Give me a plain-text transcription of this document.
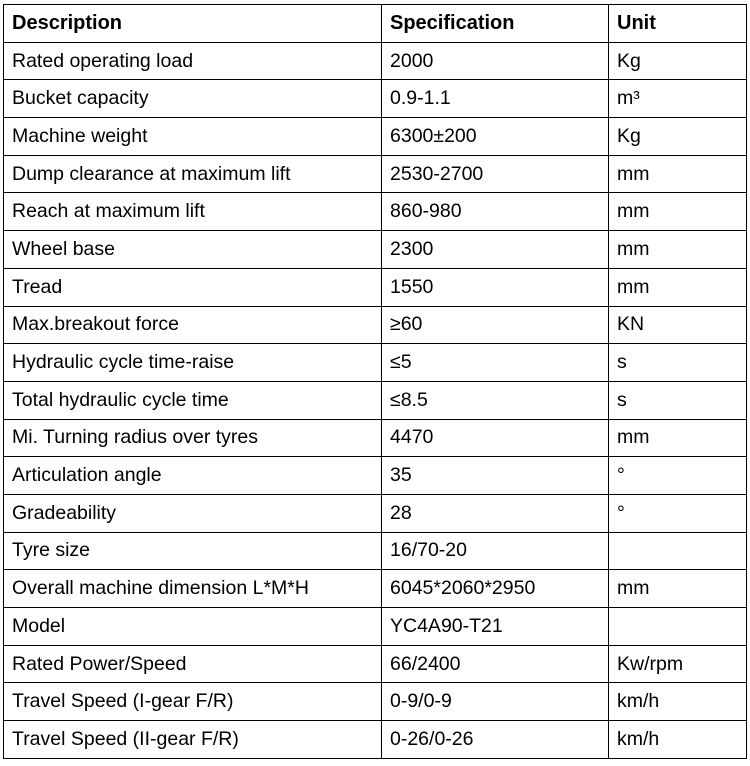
Description	Specification	Unit
Rated operating load	2000	Kg
Bucket capacity	0.9-1.1	m³
Machine weight	6300±200	Kg
Dump clearance at maximum lift	2530-2700	mm
Reach at maximum lift	860-980	mm
Wheel base	2300	mm
Tread	1550	mm
Max.breakout force	≥60	KN
Hydraulic cycle time-raise	≤5	s
Total hydraulic cycle time	≤8.5	s
Mi. Turning radius over tyres	4470	mm
Articulation angle	35	°
Gradeability	28	°
Tyre size	16/70-20	
Overall machine dimension L*M*H	6045*2060*2950	mm
Model	YC4A90-T21	
Rated Power/Speed	66/2400	Kw/rpm
Travel Speed (I-gear F/R)	0-9/0-9	km/h
Travel Speed (II-gear F/R)	0-26/0-26	km/h
